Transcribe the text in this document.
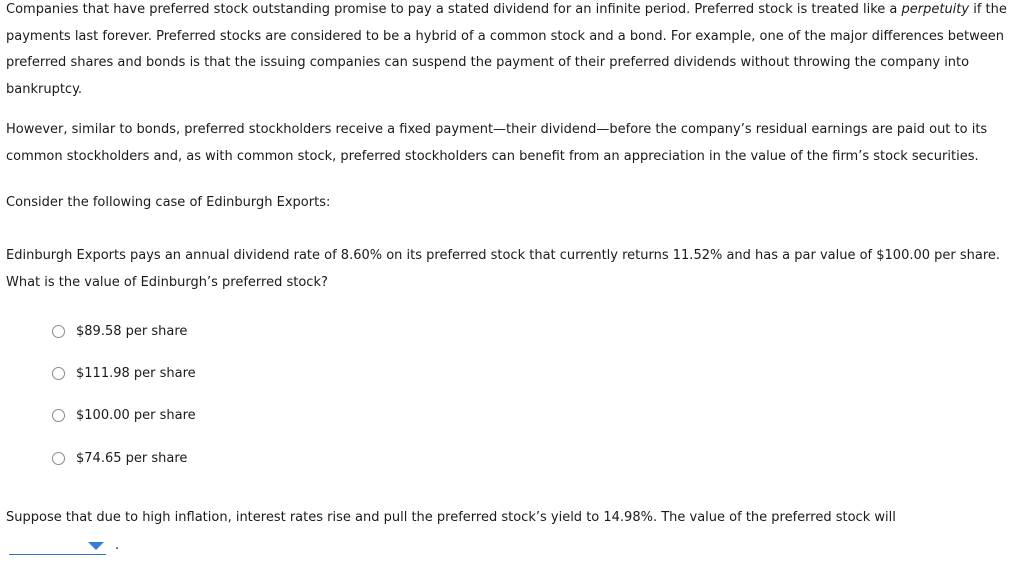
Companies that have preferred stock outstanding promise to pay a stated dividend for an infinite period. Preferred stock is treated like a perpetuity if the payments last forever. Preferred stocks are considered to be a hybrid of a common stock and a bond. For example, one of the major differences between preferred shares and bonds is that the issuing companies can suspend the payment of their preferred dividends without throwing the company into bankruptcy.

However, similar to bonds, preferred stockholders receive a fixed payment—their dividend—before the company’s residual earnings are paid out to its common stockholders and, as with common stock, preferred stockholders can benefit from an appreciation in the value of the firm’s stock securities.

Consider the following case of Edinburgh Exports:

Edinburgh Exports pays an annual dividend rate of 8.60% on its preferred stock that currently returns 11.52% and has a par value of $100.00 per share. What is the value of Edinburgh’s preferred stock?

$89.58 per share
$111.98 per share
$100.00 per share
$74.65 per share

Suppose that due to high inflation, interest rates rise and pull the preferred stock’s yield to 14.98%. The value of the preferred stock will

.
